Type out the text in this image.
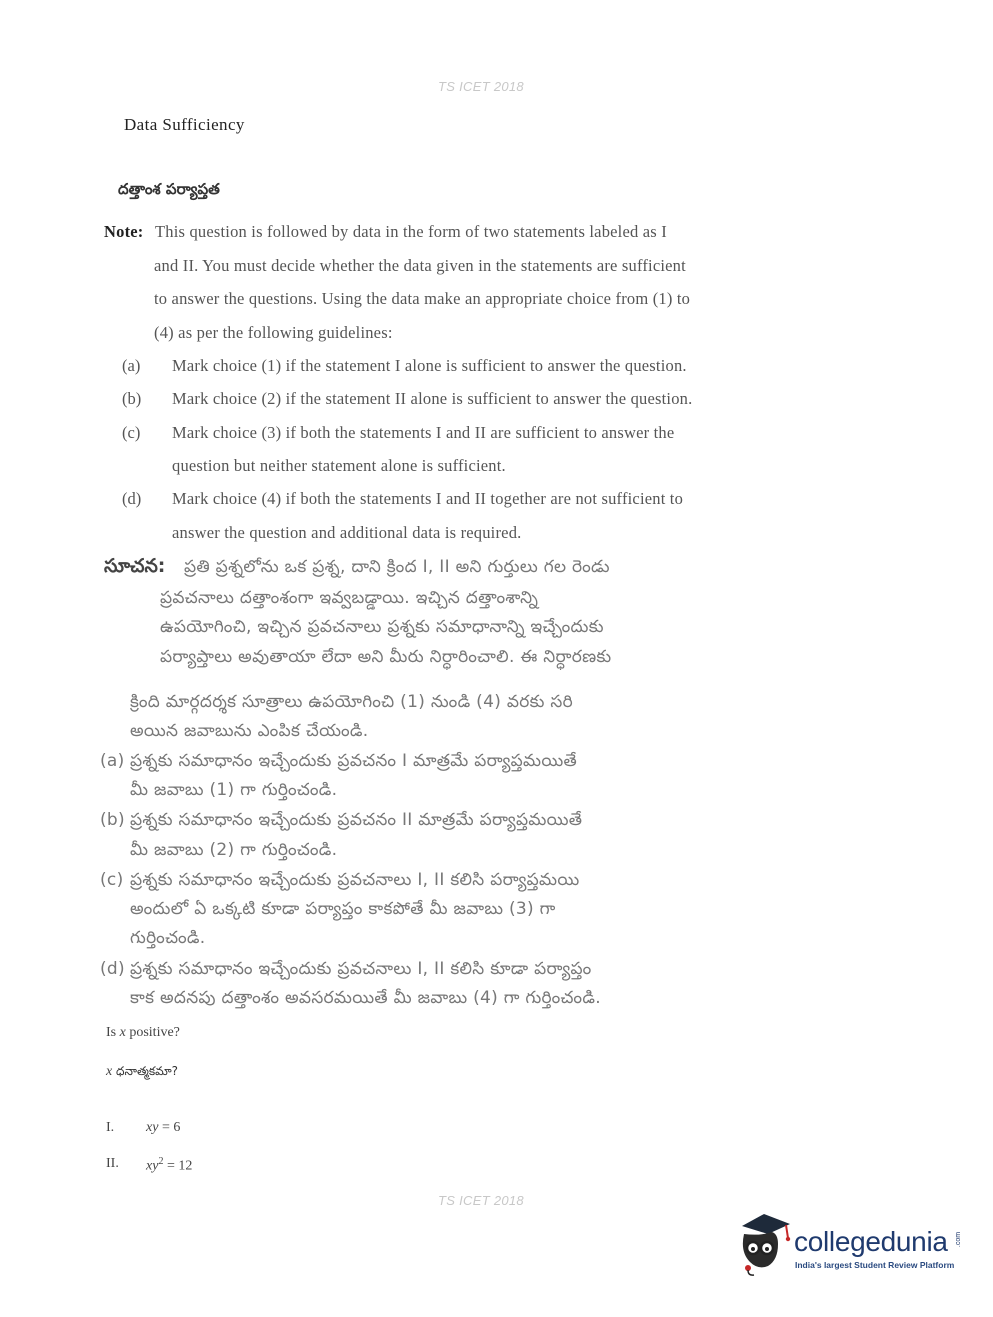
TS ICET 2018
Data Sufficiency
దత్తాంశ పర్యాప్తత
Note: This question is followed by data in the form of two statements labeled as I
and II. You must decide whether the data given in the statements are sufficient
to answer the questions. Using the data make an appropriate choice from (1) to
(4) as per the following guidelines:
(a) Mark choice (1) if the statement I alone is sufficient to answer the question.
(b) Mark choice (2) if the statement II alone is sufficient to answer the question.
(c) Mark choice (3) if both the statements I and II are sufficient to answer the
question but neither statement alone is sufficient.
(d) Mark choice (4) if both the statements I and II together are not sufficient to
answer the question and additional data is required.
సూచన: ప్రతి ప్రశ్నలోను ఒక ప్రశ్న, దాని క్రింద I, II అని గుర్తులు గల రెండు
ప్రవచనాలు దత్తాంశంగా ఇవ్వబడ్డాయి. ఇచ్చిన దత్తాంశాన్ని
ఉపయోగించి, ఇచ్చిన ప్రవచనాలు ప్రశ్నకు సమాధానాన్ని ఇచ్చేందుకు
పర్యాప్తాలు అవుతాయా లేదా అని మీరు నిర్ధారించాలి. ఈ నిర్ధారణకు
క్రింది మార్గదర్శక సూత్రాలు ఉపయోగించి (1) నుండి (4) వరకు సరి
అయిన జవాబును ఎంపిక చేయండి.
(a) ప్రశ్నకు సమాధానం ఇచ్చేందుకు ప్రవచనం I మాత్రమే పర్యాప్తమయితే
మీ జవాబు (1) గా గుర్తించండి.
(b) ప్రశ్నకు సమాధానం ఇచ్చేందుకు ప్రవచనం II మాత్రమే పర్యాప్తమయితే
మీ జవాబు (2) గా గుర్తించండి.
(c) ప్రశ్నకు సమాధానం ఇచ్చేందుకు ప్రవచనాలు I, II కలిసి పర్యాప్తమయి
అందులో ఏ ఒక్కటి కూడా పర్యాప్తం కాకపోతే మీ జవాబు (3) గా
గుర్తించండి.
(d) ప్రశ్నకు సమాధానం ఇచ్చేందుకు ప్రవచనాలు I, II కలిసి కూడా పర్యాప్తం
కాక అదనపు దత్తాంశం అవసరమయితే మీ జవాబు (4) గా గుర్తించండి.
Is x positive?
x ధనాత్మకమా?
I. xy = 6
II. $xy^2 = 12$
TS ICET 2018
collegedunia .com
India's largest Student Review Platform
